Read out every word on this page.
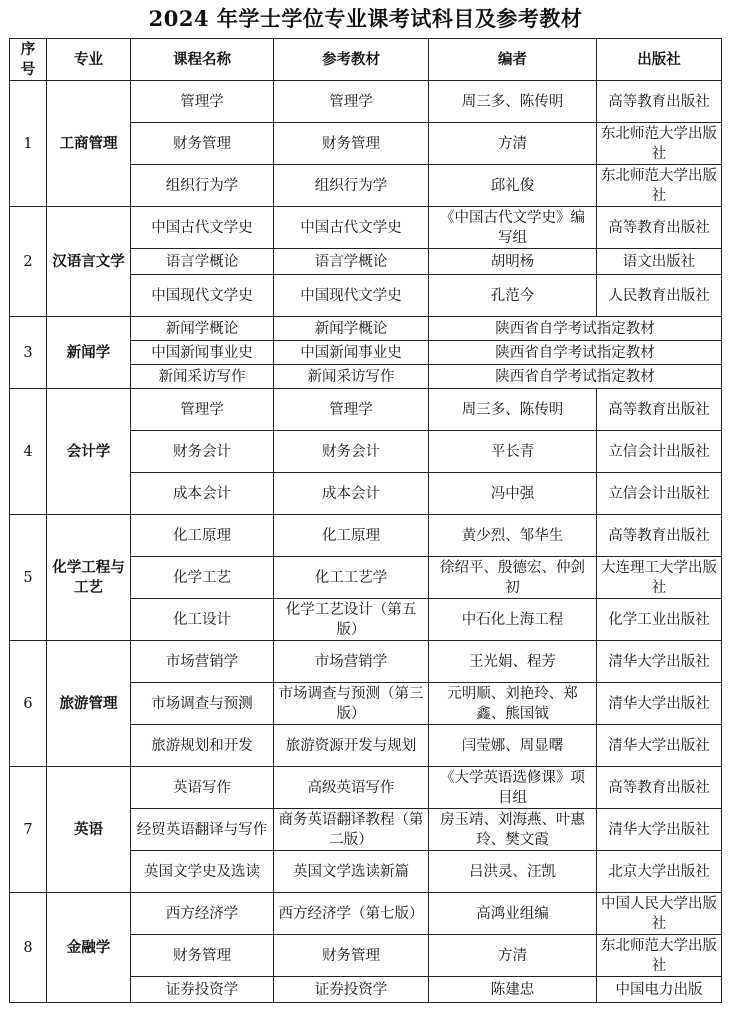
2024 年学士学位专业课考试科目及参考教材
序号	专业	课程名称	参考教材	编者	出版社
1	工商管理	管理学	管理学	周三多、陈传明	高等教育出版社
		财务管理	财务管理	方清	东北师范大学出版社
		组织行为学	组织行为学	邱礼俊	东北师范大学出版社
2	汉语言文学	中国古代文学史	中国古代文学史	《中国古代文学史》编写组	高等教育出版社
		语言学概论	语言学概论	胡明杨	语文出版社
		中国现代文学史	中国现代文学史	孔范今	人民教育出版社
3	新闻学	新闻学概论	新闻学概论	陕西省自学考试指定教材	
		中国新闻事业史	中国新闻事业史	陕西省自学考试指定教材	
		新闻采访写作	新闻采访写作	陕西省自学考试指定教材	
4	会计学	管理学	管理学	周三多、陈传明	高等教育出版社
		财务会计	财务会计	平长青	立信会计出版社
		成本会计	成本会计	冯中强	立信会计出版社
5	化学工程与工艺	化工原理	化工原理	黄少烈、邹华生	高等教育出版社
		化学工艺	化工工艺学	徐绍平、殷德宏、仲剑初	大连理工大学出版社
		化工设计	化学工艺设计（第五版）	中石化上海工程	化学工业出版社
6	旅游管理	市场营销学	市场营销学	王光娟、程芳	清华大学出版社
		市场调查与预测	市场调查与预测（第三版）	元明顺、刘艳玲、郑鑫、熊国钺	清华大学出版社
		旅游规划和开发	旅游资源开发与规划	闫莹娜、周显曙	清华大学出版社
7	英语	英语写作	高级英语写作	《大学英语选修课》项目组	高等教育出版社
		经贸英语翻译与写作	商务英语翻译教程（第二版）	房玉靖、刘海燕、叶惠玲、樊文霞	清华大学出版社
		英国文学史及选读	英国文学选读新篇	吕洪灵、汪凯	北京大学出版社
8	金融学	西方经济学	西方经济学（第七版）	高鸿业组编	中国人民大学出版社
		财务管理	财务管理	方清	东北师范大学出版社
		证券投资学	证券投资学	陈建忠	中国电力出版
